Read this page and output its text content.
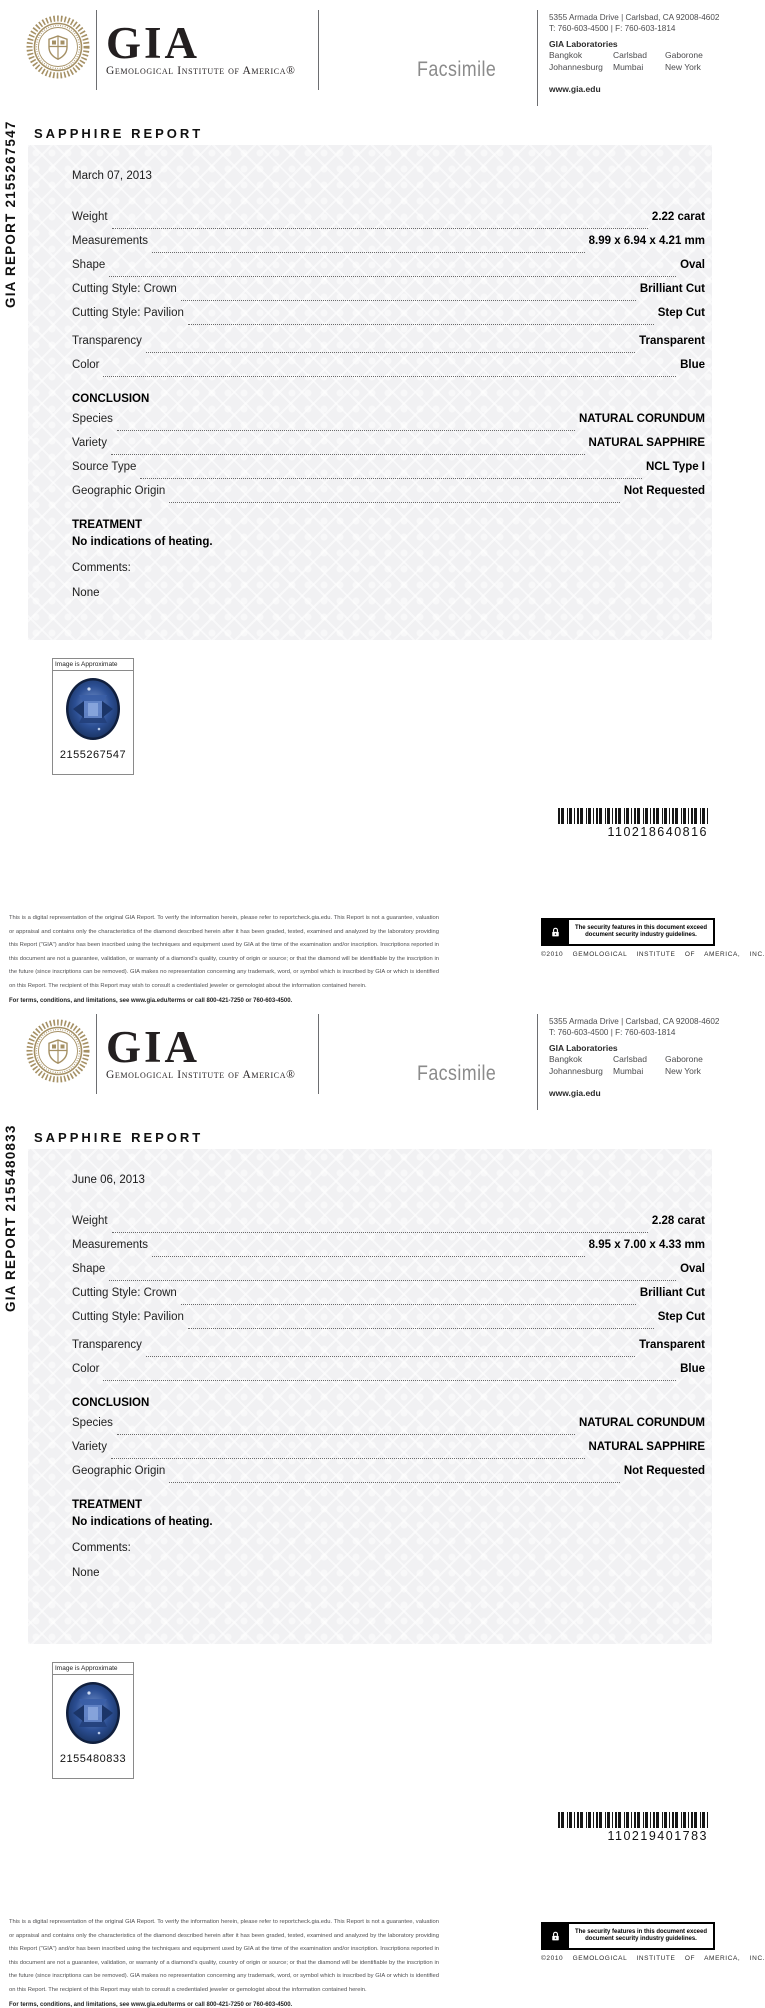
GIA
Gemological Institute of America®	Facsimile
5355 Armada Drive | Carlsbad, CA 92008-4602
T: 760-603-4500 | F: 760-603-1814
GIA Laboratories
Bangkok	Carlsbad	Gaborone
Johannesburg	Mumbai	New York
www.gia.edu
SAPPHIRE REPORT
GIA REPORT 2155267547	March 07, 2013
Weight	2.22 carat
Measurements	8.99 x 6.94 x 4.21 mm
Shape	Oval
Cutting Style: Crown	Brilliant Cut
Cutting Style: Pavilion	Step Cut
Transparency	Transparent
Color	Blue
CONCLUSION
Species	NATURAL CORUNDUM
Variety	NATURAL SAPPHIRE
Source Type	NCL Type I
Geographic Origin	Not Requested
TREATMENT
No indications of heating.
Comments:
None
Image is Approximate
2155267547
110218640816
This is a digital representation of the original GIA Report. To verify the information herein, please refer to reportcheck.gia.edu. This Report is not a guarantee, valuation or appraisal and contains only the characteristics of the diamond described herein after it has been graded, tested, examined and analyzed by the laboratory providing this Report ("GIA") and/or has been inscribed using the techniques and equipment used by GIA at the time of the examination and/or inscription. Inscriptions reported in this document are not a guarantee, validation, or warranty of a diamond's quality, country of origin or source; or that the diamond will be identifiable by the inscription in the future (since inscriptions can be removed). GIA makes no representation concerning any trademark, word, or symbol which is inscribed by GIA or which is identified on this Report. The recipient of this Report may wish to consult a credentialed jeweler or gemologist about the information contained herein.
For terms, conditions, and limitations, see www.gia.edu/terms or call 800-421-7250 or 760-603-4500.
The security features in this document exceed document security industry guidelines.
©2010 GEMOLOGICAL INSTITUTE OF AMERICA, INC.
GIA
Gemological Institute of America®	Facsimile
5355 Armada Drive | Carlsbad, CA 92008-4602
T: 760-603-4500 | F: 760-603-1814
GIA Laboratories
Bangkok	Carlsbad	Gaborone
Johannesburg	Mumbai	New York
www.gia.edu
SAPPHIRE REPORT
GIA REPORT 2155480833	June 06, 2013
Weight	2.28 carat
Measurements	8.95 x 7.00 x 4.33 mm
Shape	Oval
Cutting Style: Crown	Brilliant Cut
Cutting Style: Pavilion	Step Cut
Transparency	Transparent
Color	Blue
CONCLUSION
Species	NATURAL CORUNDUM
Variety	NATURAL SAPPHIRE
Geographic Origin	Not Requested
TREATMENT
No indications of heating.
Comments:
None
Image is Approximate
2155480833
110219401783
This is a digital representation of the original GIA Report. To verify the information herein, please refer to reportcheck.gia.edu. This Report is not a guarantee, valuation or appraisal and contains only the characteristics of the diamond described herein after it has been graded, tested, examined and analyzed by the laboratory providing this Report ("GIA") and/or has been inscribed using the techniques and equipment used by GIA at the time of the examination and/or inscription. Inscriptions reported in this document are not a guarantee, validation, or warranty of a diamond's quality, country of origin or source; or that the diamond will be identifiable by the inscription in the future (since inscriptions can be removed). GIA makes no representation concerning any trademark, word, or symbol which is inscribed by GIA or which is identified on this Report. The recipient of this Report may wish to consult a credentialed jeweler or gemologist about the information contained herein.
For terms, conditions, and limitations, see www.gia.edu/terms or call 800-421-7250 or 760-603-4500.
The security features in this document exceed document security industry guidelines.
©2010 GEMOLOGICAL INSTITUTE OF AMERICA, INC.
